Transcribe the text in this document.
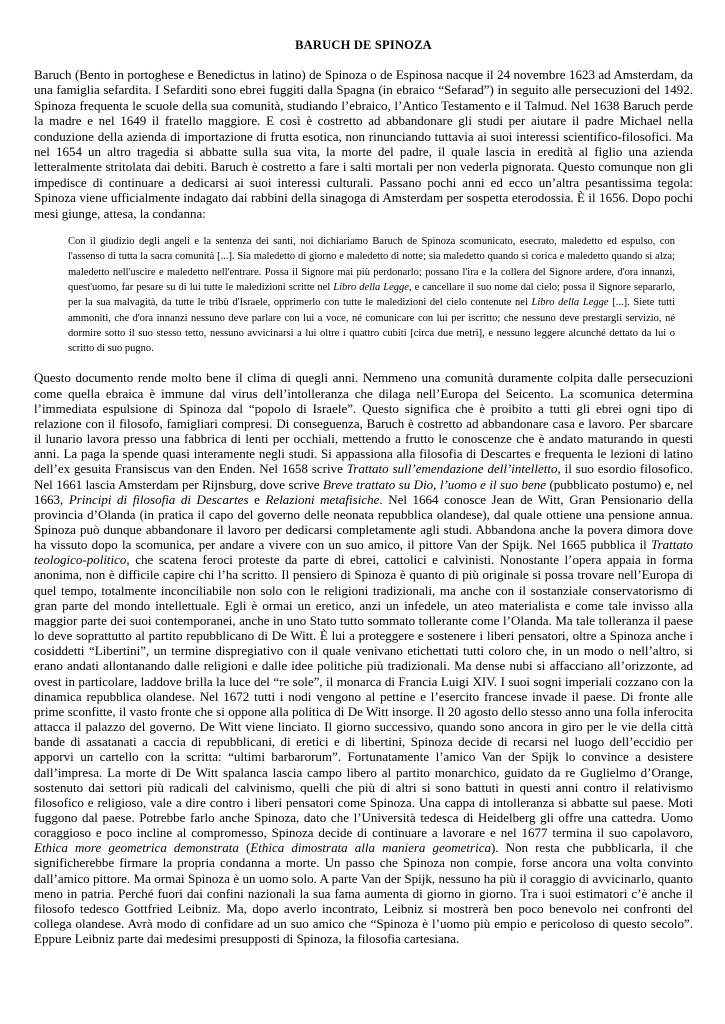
BARUCH DE SPINOZA

Baruch (Bento in portoghese e Benedictus in latino) de Spinoza o de Espinosa nacque il 24 novembre 1623 ad Amsterdam, da una famiglia sefardita. I Sefarditi sono ebrei fuggiti dalla Spagna (in ebraico “Sefarad”) in seguito alle persecuzioni del 1492. Spinoza frequenta le scuole della sua comunità, studiando l’ebraico, l’Antico Testamento e il Talmud. Nel 1638 Baruch perde la madre e nel 1649 il fratello maggiore. E così è costretto ad abbandonare gli studi per aiutare il padre Michael nella conduzione della azienda di importazione di frutta esotica, non rinunciando tuttavia ai suoi interessi scientifico-filosofici. Ma nel 1654 un altro tragedia si abbatte sulla sua vita, la morte del padre, il quale lascia in eredità al figlio una azienda letteralmente stritolata dai debiti. Baruch è costretto a fare i salti mortali per non vederla pignorata. Questo comunque non gli impedisce di continuare a dedicarsi ai suoi interessi culturali. Passano pochi anni ed ecco un’altra pesantissima tegola: Spinoza viene ufficialmente indagato dai rabbini della sinagoga di Amsterdam per sospetta eterodossia. È il 1656. Dopo pochi mesi giunge, attesa, la condanna:

Con il giudizio degli angeli e la sentenza dei santi, noi dichiariamo Baruch de Spinoza scomunicato, esecrato, maledetto ed espulso, con l'assenso di tutta la sacra comunità [...]. Sia maledetto di giorno e maledetto di notte; sia maledetto quando si corica e maledetto quando si alza; maledetto nell'uscire e maledetto nell'entrare. Possa il Signore mai più perdonarlo; possano l'ira e la collera del Signore ardere, d'ora innanzi, quest'uomo, far pesare su di lui tutte le maledizioni scritte nel Libro della Legge, e cancellare il suo nome dal cielo; possa il Signore separarlo, per la sua malvagità, da tutte le tribù d'Israele, opprimerlo con tutte le maledizioni del cielo contenute nel Libro della Legge [...]. Siete tutti ammoniti, che d'ora innanzi nessuno deve parlare con lui a voce, né comunicare con lui per iscritto; che nessuno deve prestargli servizio, né dormire sotto il suo stesso tetto, nessuno avvicinarsi a lui oltre i quattro cubiti [circa due metri], e nessuno leggere alcunché dettato da lui o scritto di suo pugno.

Questo documento rende molto bene il clima di quegli anni. Nemmeno una comunità duramente colpita dalle persecuzioni come quella ebraica è immune dal virus dell’intolleranza che dilaga nell’Europa del Seicento. La scomunica determina l’immediata espulsione di Spinoza dal “popolo di Israele”. Questo significa che è proibito a tutti gli ebrei ogni tipo di relazione con il filosofo, famigliari compresi. Di conseguenza, Baruch è costretto ad abbandonare casa e lavoro. Per sbarcare il lunario lavora presso una fabbrica di lenti per occhiali, mettendo a frutto le conoscenze che è andato maturando in questi anni. La paga la spende quasi interamente negli studi. Si appassiona alla filosofia di Descartes e frequenta le lezioni di latino dell’ex gesuita Fransiscus van den Enden. Nel 1658 scrive Trattato sull’emendazione dell’intelletto, il suo esordio filosofico. Nel 1661 lascia Amsterdam per Rijnsburg, dove scrive Breve trattato su Dio, l’uomo e il suo bene (pubblicato postumo) e, nel 1663, Principi di filosofia di Descartes e Relazioni metafisiche. Nel 1664 conosce Jean de Witt, Gran Pensionario della provincia d’Olanda (in pratica il capo del governo delle neonata repubblica olandese), dal quale ottiene una pensione annua. Spinoza può dunque abbandonare il lavoro per dedicarsi completamente agli studi. Abbandona anche la povera dimora dove ha vissuto dopo la scomunica, per andare a vivere con un suo amico, il pittore Van der Spijk. Nel 1665 pubblica il Trattato teologico-politico, che scatena feroci proteste da parte di ebrei, cattolici e calvinisti. Nonostante l’opera appaia in forma anonima, non è difficile capire chi l’ha scritto. Il pensiero di Spinoza è quanto di più originale si possa trovare nell’Europa di quel tempo, totalmente inconciliabile non solo con le religioni tradizionali, ma anche con il sostanziale conservatorismo di gran parte del mondo intellettuale. Egli è ormai un eretico, anzi un infedele, un ateo materialista e come tale invisso alla maggior parte dei suoi contemporanei, anche in uno Stato tutto sommato tollerante come l’Olanda. Ma tale tolleranza il paese lo deve soprattutto al partito repubblicano di De Witt. È lui a proteggere e sostenere i liberi pensatori, oltre a Spinoza anche i cosiddetti “Libertini”, un termine dispregiativo con il quale venivano etichettati tutti coloro che, in un modo o nell’altro, si erano andati allontanando dalle religioni e dalle idee politiche più tradizionali. Ma dense nubi si affacciano all’orizzonte, ad ovest in particolare, laddove brilla la luce del “re sole”, il monarca di Francia Luigi XIV. I suoi sogni imperiali cozzano con la dinamica repubblica olandese. Nel 1672 tutti i nodi vengono al pettine e l’esercito francese invade il paese. Di fronte alle prime sconfitte, il vasto fronte che si oppone alla politica di De Witt insorge. Il 20 agosto dello stesso anno una folla inferocita attacca il palazzo del governo. De Witt viene linciato. Il giorno successivo, quando sono ancora in giro per le vie della città bande di assatanati a caccia di repubblicani, di eretici e di libertini, Spinoza decide di recarsi nel luogo dell’eccidio per apporvi un cartello con la scritta: “ultimi barbarorum”. Fortunatamente l’amico Van der Spijk lo convince a desistere dall’impresa. La morte di De Witt spalanca lascia campo libero al partito monarchico, guidato da re Guglielmo d’Orange, sostenuto dai settori più radicali del calvinismo, quelli che più di altri si sono battuti in questi anni contro il relativismo filosofico e religioso, vale a dire contro i liberi pensatori come Spinoza. Una cappa di intolleranza si abbatte sul paese. Moti fuggono dal paese. Potrebbe farlo anche Spinoza, dato che l’Università tedesca di Heidelberg gli offre una cattedra. Uomo coraggioso e poco incline al compromesso, Spinoza decide di continuare a lavorare e nel 1677 termina il suo capolavoro, Ethica more geometrica demonstrata (Ethica dimostrata alla maniera geometrica). Non resta che pubblicarla, il che significherebbe firmare la propria condanna a morte. Un passo che Spinoza non compie, forse ancora una volta convinto dall’amico pittore. Ma ormai Spinoza è un uomo solo. A parte Van der Spijk, nessuno ha più il coraggio di avvicinarlo, quanto meno in patria. Perché fuori dai confini nazionali la sua fama aumenta di giorno in giorno. Tra i suoi estimatori c’è anche il filosofo tedesco Gottfried Leibniz. Ma, dopo averlo incontrato, Leibniz si mostrerà ben poco benevolo nei confronti del collega olandese. Avrà modo di confidare ad un suo amico che “Spinoza è l’uomo più empio e pericoloso di questo secolo”. Eppure Leibniz parte dai medesimi presupposti di Spinoza, la filosofia cartesiana.
